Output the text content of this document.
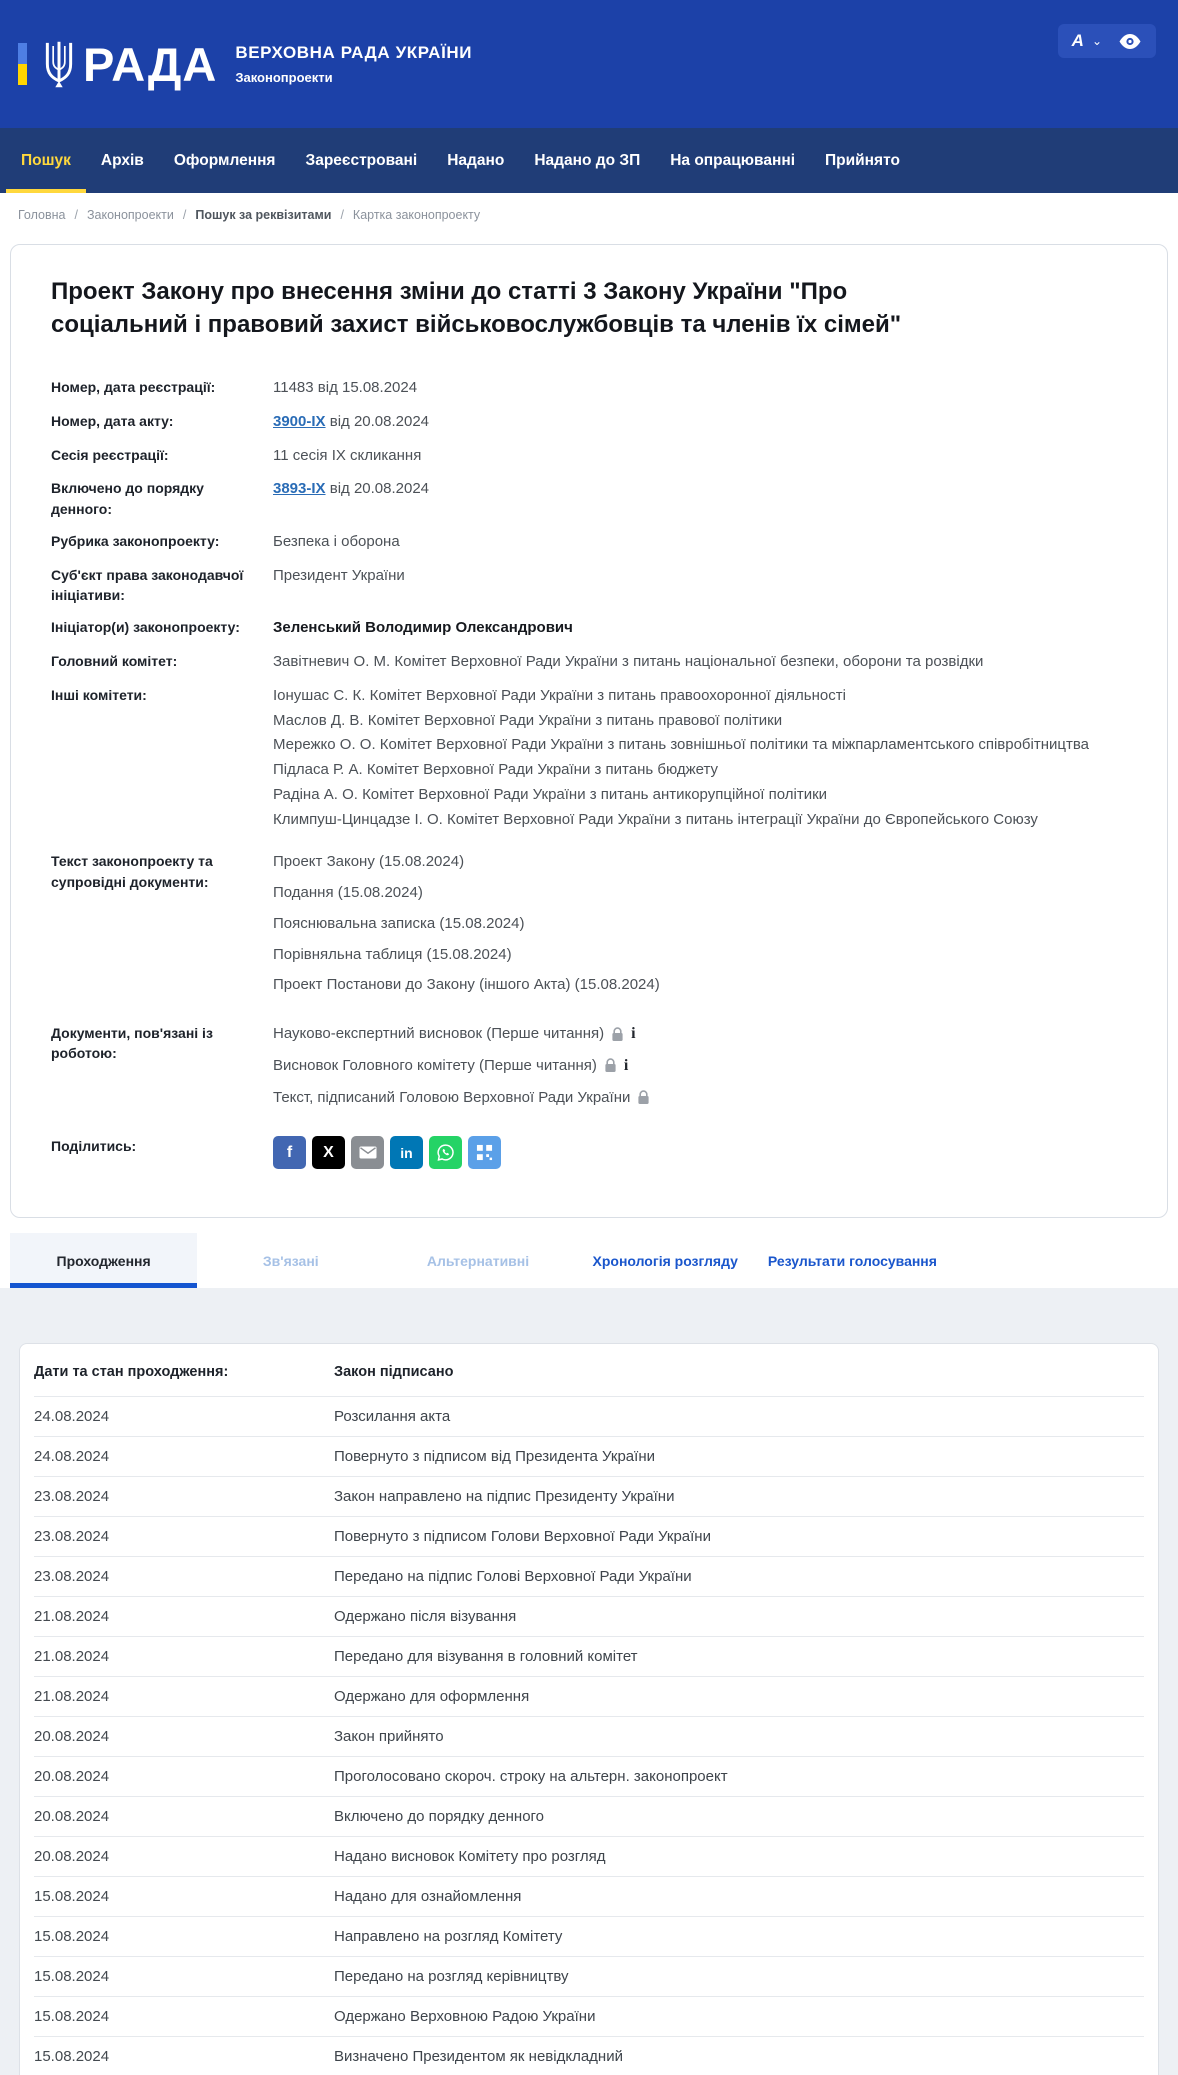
РАДА ВЕРХОВНА РАДА УКРАЇНИ
Законопроекти
A ⌄
Пошук	Архів	Оформлення	Зареєстровані	Надано	Надано до ЗП	На опрацюванні	Прийнято
Головна / Законопроекти / Пошук за реквізитами / Картка законопроекту
Проект Закону про внесення зміни до статті 3 Закону України "Про соціальний і правовий захист військовослужбовців та членів їх сімей"
Номер, дата реєстрації:	11483 від 15.08.2024
Номер, дата акту:	3900-IX від 20.08.2024
Сесія реєстрації:	11 сесія IX скликання
Включено до порядку денного:
3893-IX від 20.08.2024
Рубрика законопроекту:	Безпека і оборона
Суб'єкт права законодавчої ініціативи:
Президент України
Ініціатор(и) законопроекту:	Зеленський Володимир Олександрович
Головний комітет:	Завітневич О. М. Комітет Верховної Ради України з питань національної безпеки, оборони та розвідки
Інші комітети:	Іонушас С. К. Комітет Верховної Ради України з питань правоохоронної діяльності
Маслов Д. В. Комітет Верховної Ради України з питань правової політики
Мережко О. О. Комітет Верховної Ради України з питань зовнішньої політики та міжпарламентського співробітництва
Підласа Р. А. Комітет Верховної Ради України з питань бюджету
Радіна А. О. Комітет Верховної Ради України з питань антикорупційної політики
Климпуш-Цинцадзе І. О. Комітет Верховної Ради України з питань інтеграції України до Європейського Союзу
Текст законопроекту та супровідні документи:
Проект Закону (15.08.2024)
Подання (15.08.2024)
Пояснювальна записка (15.08.2024)
Порівняльна таблиця (15.08.2024)
Проект Постанови до Закону (іншого Акта) (15.08.2024)
Документи, пов'язані із роботою:
Науково-експертний висновок (Перше читання) i
Висновок Головного комітету (Перше читання) i
Текст, підписаний Головою Верховної Ради України
Поділитись:	f X	in
Проходження	Зв'язані	Альтернативні	Хронологія розгляду	Результати голосування
Дати та стан проходження:	Закон підписано
24.08.2024	Розсилання акта
24.08.2024	Повернуто з підписом від Президента України
23.08.2024	Закон направлено на підпис Президенту України
23.08.2024	Повернуто з підписом Голови Верховної Ради України
23.08.2024	Передано на підпис Голові Верховної Ради України
21.08.2024	Одержано після візування
21.08.2024	Передано для візування в головний комітет
21.08.2024	Одержано для оформлення
20.08.2024	Закон прийнято
20.08.2024	Проголосовано скороч. строку на альтерн. законопроект
20.08.2024	Включено до порядку денного
20.08.2024	Надано висновок Комітету про розгляд
15.08.2024	Надано для ознайомлення
15.08.2024	Направлено на розгляд Комітету
15.08.2024	Передано на розгляд керівництву
15.08.2024	Одержано Верховною Радою України
15.08.2024	Визначено Президентом як невідкладний
